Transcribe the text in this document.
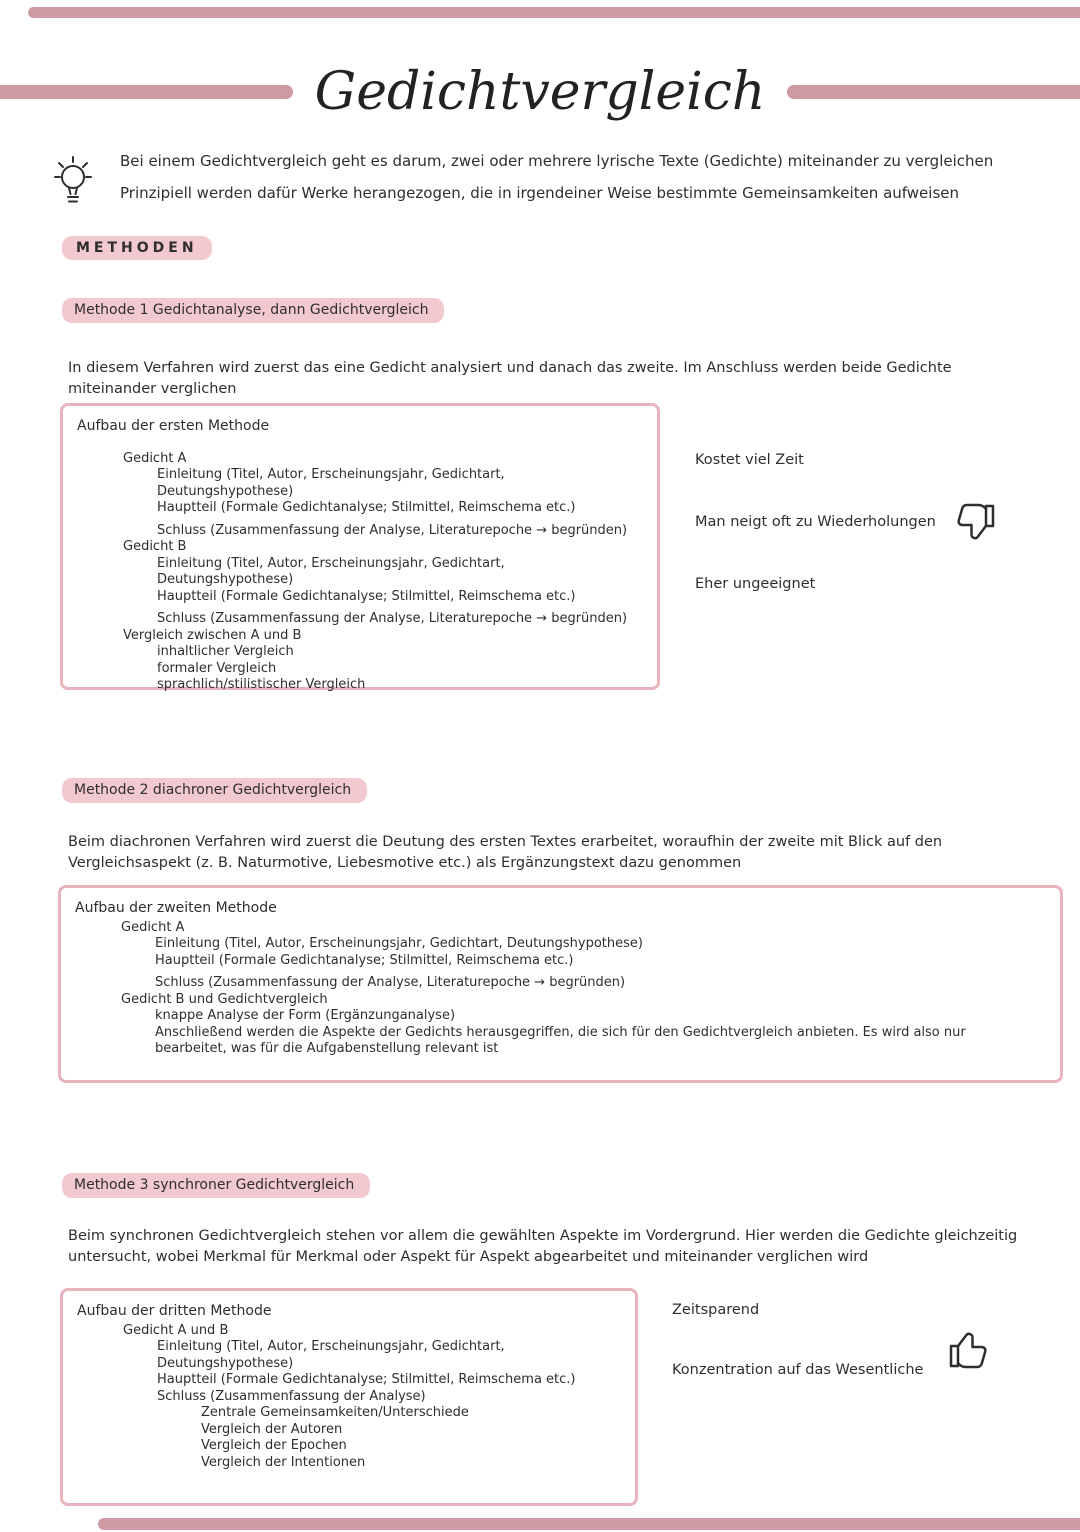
Gedichtvergleich
Bei einem Gedichtvergleich geht es darum, zwei oder mehrere lyrische Texte (Gedichte) miteinander zu vergleichen
Prinzipiell werden dafür Werke herangezogen, die in irgendeiner Weise bestimmte Gemeinsamkeiten aufweisen
METHODEN
Methode 1 Gedichtanalyse, dann Gedichtvergleich
In diesem Verfahren wird zuerst das eine Gedicht analysiert und danach das zweite. Im Anschluss werden beide Gedichte miteinander verglichen
Aufbau der ersten Methode
Gedicht A
Einleitung (Titel, Autor, Erscheinungsjahr, Gedichtart, Deutungshypothese)
Hauptteil (Formale Gedichtanalyse; Stilmittel, Reimschema etc.)
Schluss (Zusammenfassung der Analyse, Literaturepoche → begründen)
Gedicht B
Einleitung (Titel, Autor, Erscheinungsjahr, Gedichtart, Deutungshypothese)
Hauptteil (Formale Gedichtanalyse; Stilmittel, Reimschema etc.)
Schluss (Zusammenfassung der Analyse, Literaturepoche → begründen)
Vergleich zwischen A und B
inhaltlicher Vergleich
formaler Vergleich
sprachlich/stilistischer Vergleich
Kostet viel Zeit
Man neigt oft zu Wiederholungen
Eher ungeeignet
Methode 2 diachroner Gedichtvergleich
Beim diachronen Verfahren wird zuerst die Deutung des ersten Textes erarbeitet, woraufhin der zweite mit Blick auf den Vergleichsaspekt (z. B. Naturmotive, Liebesmotive etc.) als Ergänzungstext dazu genommen
Aufbau der zweiten Methode
Gedicht A
Einleitung (Titel, Autor, Erscheinungsjahr, Gedichtart, Deutungshypothese)
Hauptteil (Formale Gedichtanalyse; Stilmittel, Reimschema etc.)
Schluss (Zusammenfassung der Analyse, Literaturepoche → begründen)
Gedicht B und Gedichtvergleich
knappe Analyse der Form (Ergänzunganalyse)
Anschließend werden die Aspekte der Gedichts herausgegriffen, die sich für den Gedichtvergleich anbieten. Es wird also nur bearbeitet, was für die Aufgabenstellung relevant ist
Methode 3 synchroner Gedichtvergleich
Beim synchronen Gedichtvergleich stehen vor allem die gewählten Aspekte im Vordergrund. Hier werden die Gedichte gleichzeitig untersucht, wobei Merkmal für Merkmal oder Aspekt für Aspekt abgearbeitet und miteinander verglichen wird
Aufbau der dritten Methode
Gedicht A und B
Einleitung (Titel, Autor, Erscheinungsjahr, Gedichtart, Deutungshypothese)
Hauptteil (Formale Gedichtanalyse; Stilmittel, Reimschema etc.)
Schluss (Zusammenfassung der Analyse)
Zentrale Gemeinsamkeiten/Unterschiede
Vergleich der Autoren
Vergleich der Epochen
Vergleich der Intentionen
Zeitsparend
Konzentration auf das Wesentliche
